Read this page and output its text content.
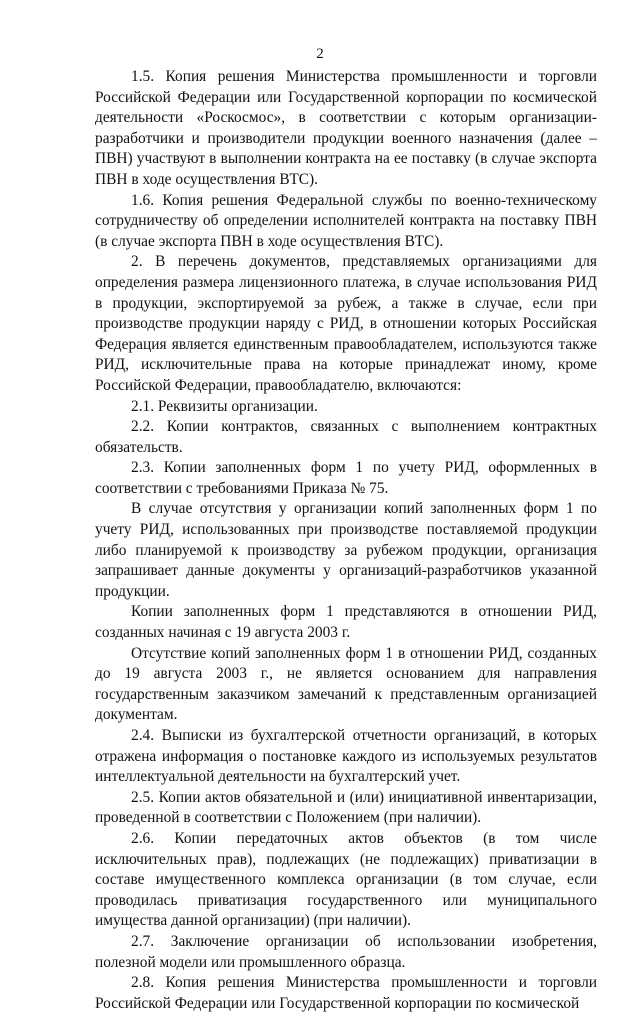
2

1.5. Копия решения Министерства промышленности и торговли Российской Федерации или Государственной корпорации по космической деятельности «Роскосмос», в соответствии с которым организации-разработчики и производители продукции военного назначения (далее – ПВН) участвуют в выполнении контракта на ее поставку (в случае экспорта ПВН в ходе осуществления ВТС).

1.6. Копия решения Федеральной службы по военно-техническому сотрудничеству об определении исполнителей контракта на поставку ПВН (в случае экспорта ПВН в ходе осуществления ВТС).

2. В перечень документов, представляемых организациями для определения размера лицензионного платежа, в случае использования РИД в продукции, экспортируемой за рубеж, а также в случае, если при производстве продукции наряду с РИД, в отношении которых Российская Федерация является единственным правообладателем, используются также РИД, исключительные права на которые принадлежат иному, кроме Российской Федерации, правообладателю, включаются:

2.1. Реквизиты организации.

2.2. Копии контрактов, связанных с выполнением контрактных обязательств.

2.3. Копии заполненных форм 1 по учету РИД, оформленных в соответствии с требованиями Приказа № 75.

В случае отсутствия у организации копий заполненных форм 1 по учету РИД, использованных при производстве поставляемой продукции либо планируемой к производству за рубежом продукции, организация запрашивает данные документы у организаций-разработчиков указанной продукции.

Копии заполненных форм 1 представляются в отношении РИД, созданных начиная с 19 августа 2003 г.

Отсутствие копий заполненных форм 1 в отношении РИД, созданных до 19 августа 2003 г., не является основанием для направления государственным заказчиком замечаний к представленным организацией документам.

2.4. Выписки из бухгалтерской отчетности организаций, в которых отражена информация о постановке каждого из используемых результатов интеллектуальной деятельности на бухгалтерский учет.

2.5. Копии актов обязательной и (или) инициативной инвентаризации, проведенной в соответствии с Положением (при наличии).

2.6. Копии передаточных актов объектов (в том числе исключительных прав), подлежащих (не подлежащих) приватизации в составе имущественного комплекса организации (в том случае, если проводилась приватизация государственного или муниципального имущества данной организации) (при наличии).

2.7. Заключение организации об использовании изобретения, полезной модели или промышленного образца.

2.8. Копия решения Министерства промышленности и торговли Российской Федерации или Государственной корпорации по космической
